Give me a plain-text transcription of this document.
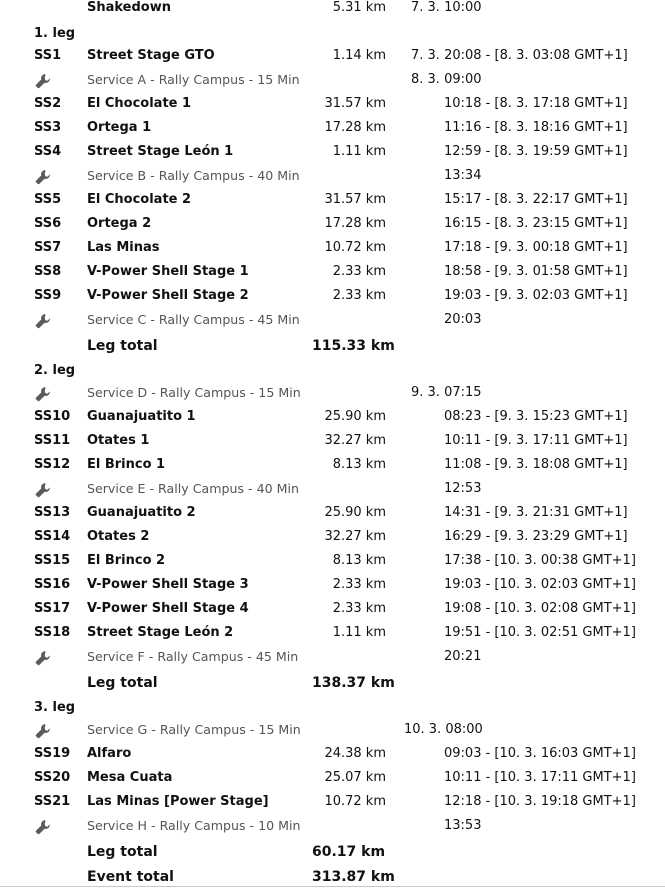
Shakedown	5.31 km 7. 3. 10:00
1. leg
SS1 Street Stage GTO	1.14 km 7. 3. 20:08 - [8. 3. 03:08 GMT+1]
Service A - Rally Campus - 15 Min	8. 3. 09:00
SS2 El Chocolate 1	31.57 km	10:18 - [8. 3. 17:18 GMT+1]
SS3 Ortega 1	17.28 km	11:16 - [8. 3. 18:16 GMT+1]
SS4 Street Stage León 1	1.11 km	12:59 - [8. 3. 19:59 GMT+1]
Service B - Rally Campus - 40 Min	13:34
SS5 El Chocolate 2	31.57 km	15:17 - [8. 3. 22:17 GMT+1]
SS6 Ortega 2	17.28 km	16:15 - [8. 3. 23:15 GMT+1]
SS7 Las Minas	10.72 km	17:18 - [9. 3. 00:18 GMT+1]
SS8 V-Power Shell Stage 1	2.33 km	18:58 - [9. 3. 01:58 GMT+1]
SS9 V-Power Shell Stage 2	2.33 km	19:03 - [9. 3. 02:03 GMT+1]
Service C - Rally Campus - 45 Min	20:03
Leg total	115.33 km
2. leg
Service D - Rally Campus - 15 Min	9. 3. 07:15
SS10 Guanajuatito 1	25.90 km	08:23 - [9. 3. 15:23 GMT+1]
SS11 Otates 1	32.27 km	10:11 - [9. 3. 17:11 GMT+1]
SS12 El Brinco 1	8.13 km	11:08 - [9. 3. 18:08 GMT+1]
Service E - Rally Campus - 40 Min	12:53
SS13 Guanajuatito 2	25.90 km	14:31 - [9. 3. 21:31 GMT+1]
SS14 Otates 2	32.27 km	16:29 - [9. 3. 23:29 GMT+1]
SS15 El Brinco 2	8.13 km	17:38 - [10. 3. 00:38 GMT+1]
SS16 V-Power Shell Stage 3	2.33 km	19:03 - [10. 3. 02:03 GMT+1]
SS17 V-Power Shell Stage 4	2.33 km	19:08 - [10. 3. 02:08 GMT+1]
SS18 Street Stage León 2	1.11 km	19:51 - [10. 3. 02:51 GMT+1]
Service F - Rally Campus - 45 Min	20:21
Leg total	138.37 km
3. leg
Service G - Rally Campus - 15 Min	10. 3. 08:00
SS19 Alfaro	24.38 km	09:03 - [10. 3. 16:03 GMT+1]
SS20 Mesa Cuata	25.07 km	10:11 - [10. 3. 17:11 GMT+1]
SS21 Las Minas [Power Stage]	10.72 km	12:18 - [10. 3. 19:18 GMT+1]
Service H - Rally Campus - 10 Min	13:53
Leg total	60.17 km
Event total	313.87 km
